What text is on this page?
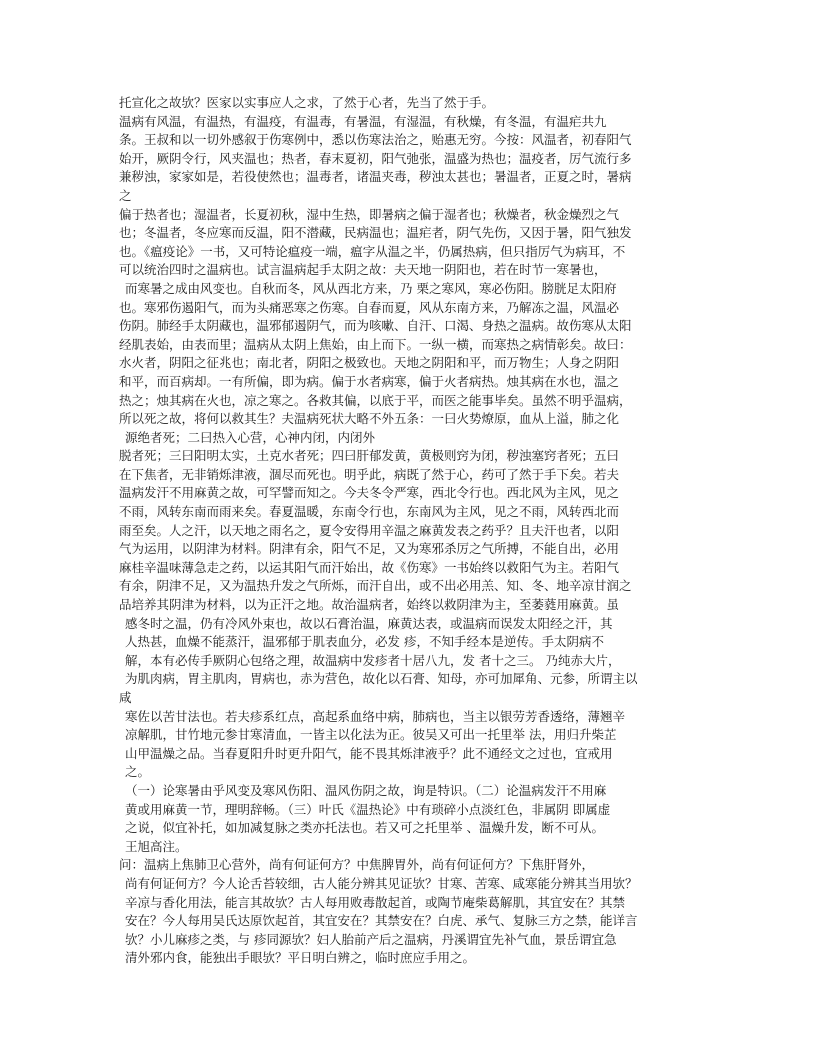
托宣化之故欤？医家以实事应人之求，了然于心者，先当了然于手。
温病有风温，有温热，有温疫，有温毒，有暑温，有湿温，有秋燥，有冬温，有温疟共九
条。王叔和以一切外感叙于伤寒例中，悉以伤寒法治之，贻惠无穷。今按：风温者，初春阳气
始开，厥阴令行，风夹温也；热者，春末夏初，阳气弛张，温盛为热也；温疫者，厉气流行多
兼秽浊，家家如是，若役使然也；温毒者，诸温夹毒，秽浊太甚也；暑温者，正夏之时，暑病
之
偏于热者也；湿温者，长夏初秋，湿中生热，即暑病之偏于湿者也；秋燥者，秋金燥烈之气
也；冬温者，冬应寒而反温，阳不潜藏，民病温也；温疟者，阴气先伤，又因于暑，阳气独发
也。《瘟疫论》一书，又可特论瘟疫一端，瘟字从温之半，仍属热病，但只指厉气为病耳，不
可以统治四时之温病也。试言温病起手太阴之故：夫天地一阴阳也，若在时节一寒暑也，
而寒暑之成由风变也。自秋而冬，风从西北方来，乃 栗之寒风，寒必伤阳。膀胱足太阳府
也。寒邪伤遏阳气，而为头痛恶寒之伤寒。自春而夏，风从东南方来，乃解冻之温，风温必
伤阴。肺经手太阴藏也，温邪郁遏阴气，而为咳嗽、自汗、口渴、身热之温病。故伤寒从太阳
经肌表始，由表而里；温病从太阴上焦始，由上而下。一纵一横，而寒热之病情彰矣。故曰：
水火者，阴阳之征兆也；南北者，阴阳之极致也。天地之阴阳和平，而万物生；人身之阴阳
和平，而百病却。一有所偏，即为病。偏于水者病寒，偏于火者病热。烛其病在水也，温之
热之；烛其病在火也，凉之寒之。各救其偏，以底于平，而医之能事毕矣。虽然不明乎温病，
所以死之故，将何以救其生？夫温病死状大略不外五条：一曰火势燎原，血从上溢，肺之化
源绝者死；二曰热入心营，心神内闭，内闭外
脱者死；三曰阳明太实，土克水者死；四曰肝郁发黄，黄极则窍为闭，秽浊塞窍者死；五曰
在下焦者，无非销烁津液，涸尽而死也。明乎此，病既了然于心，药可了然于手下矣。若夫
温病发汗不用麻黄之故，可罕譬而知之。今夫冬令严寒，西北令行也。西北风为主风，见之
不雨，风转东南而雨来矣。春夏温暖，东南令行也，东南风为主风，见之不雨，风转西北而
雨至矣。人之汗，以天地之雨名之，夏令安得用辛温之麻黄发表之药乎？且夫汗也者，以阳
气为运用，以阴津为材料。阴津有余，阳气不足，又为寒邪杀厉之气所搏，不能自出，必用
麻桂辛温味薄急走之药，以运其阳气而汗始出，故《伤寒》一书始终以救阳气为主。若阳气
有余，阴津不足，又为温热升发之气所烁，而汗自出，或不出必用羔、知、冬、地辛凉甘润之
品培养其阴津为材料，以为正汗之地。故治温病者，始终以救阴津为主，至萎蕤用麻黄。虽
感冬时之温，仍有冷风外束也，故以石膏治温，麻黄达表，或温病而误发太阳经之汗，其
人热甚，血燥不能蒸汗，温邪郁于肌表血分，必发 疹，不知手经本是逆传。手太阴病不
解，本有必传手厥阴心包络之理，故温病中发疹者十居八九，发 者十之三。 乃纯赤大片，
为肌肉病，胃主肌肉，胃病也，赤为营色，故化以石膏、知母，亦可加犀角、元参，所谓主以
咸
寒佐以苦甘法也。若夫疹系红点，高起系血络中病，肺病也，当主以银劳芳香透络，薄翘辛
凉解肌，甘竹地元参甘寒清血，一皆主以化法为正。彼吴又可出一托里举 法，用归升柴芷
山甲温燥之品。当春夏阳升时更升阳气，能不畏其烁津液乎？此不通经文之过也，宜戒用
之。
（一）论寒暑由乎风变及寒风伤阳、温风伤阴之故，询是特识。（二）论温病发汗不用麻
黄或用麻黄一节，理明辞畅。（三）叶氏《温热论》中有琐碎小点淡红色，非属阴 即属虚
之说，似宜补托，如加减复脉之类亦托法也。若又可之托里举 、温燥升发，断不可从。
王旭高注。
问：温病上焦肺卫心营外，尚有何证何方？中焦脾胃外，尚有何证何方？下焦肝肾外，
尚有何证何方？今人论舌苔较细，古人能分辨其见证欤？甘寒、苦寒、咸寒能分辨其当用欤？
辛凉与香化用法，能言其故欤？古人每用败毒散起首，或陶节庵柴葛解肌，其宜安在？其禁
安在？今人每用吴氏达原饮起首，其宜安在？其禁安在？白虎、承气、复脉三方之禁，能详言
欤？小儿麻疹之类，与 疹同源欤？妇人胎前产后之温病，丹溪谓宜先补气血，景岳谓宜急
清外邪内食，能独出手眼欤？平日明白辨之，临时庶应手用之。
